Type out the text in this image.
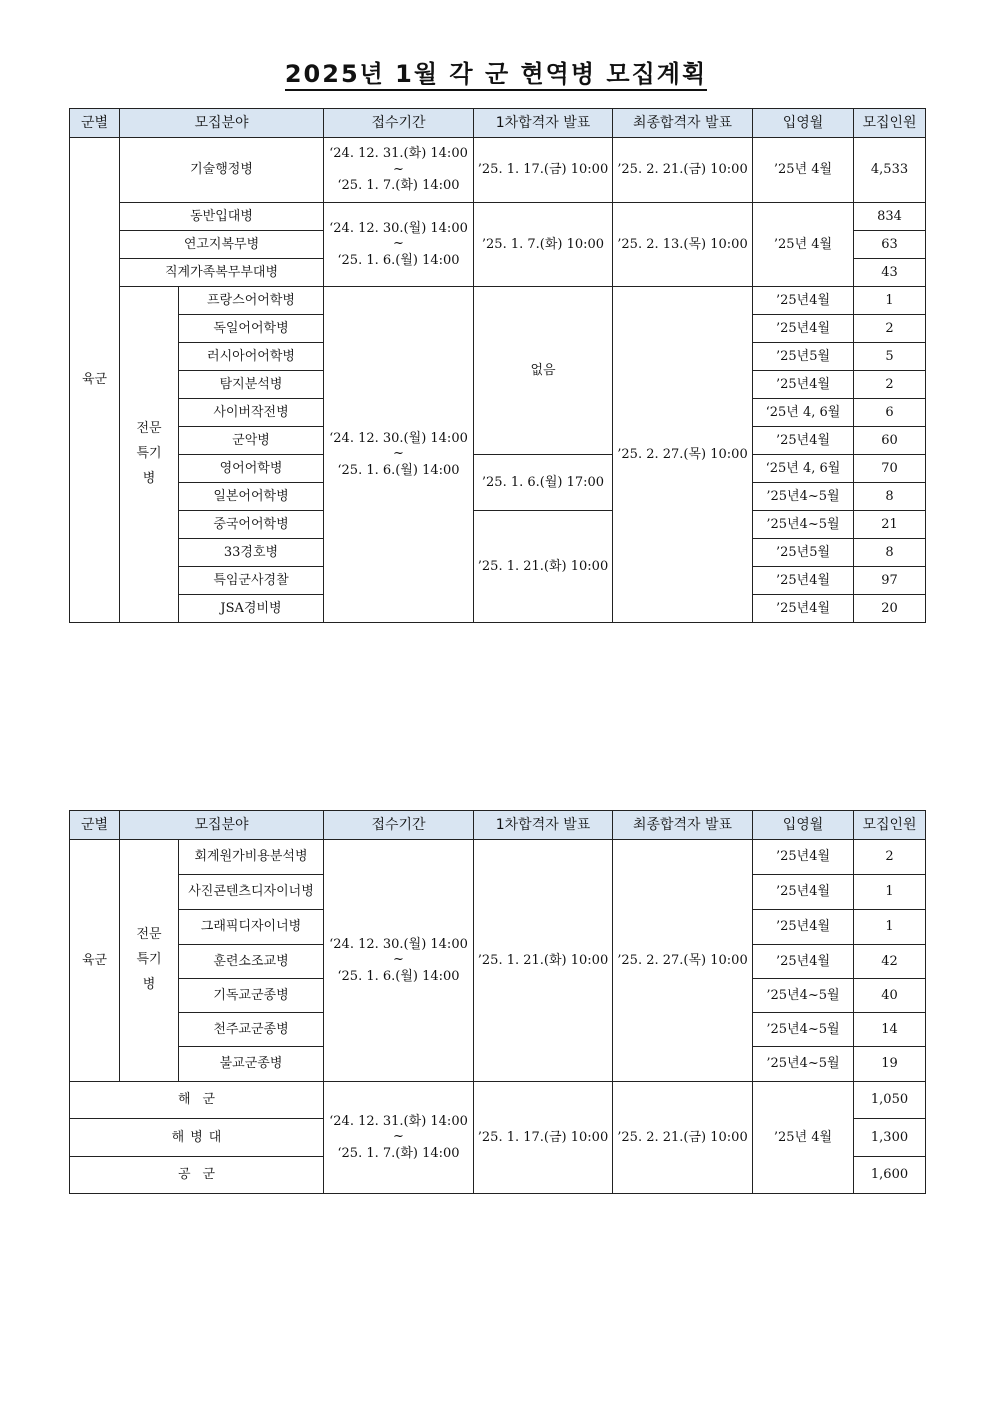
2025년 1월 각 군 현역병 모집계획
군별	모집분야		접수기간	1차합격자 발표	최종합격자 발표	입영월	모집인원
육군	기술행정병		‘24. 12. 31.(화) 14:00
~
‘25. 1. 7.(화) 14:00	’25. 1. 17.(금) 10:00	’25. 2. 21.(금) 10:00	’25년 4월	4,533
	동반입대병		‘24. 12. 30.(월) 14:00
~
‘25. 1. 6.(월) 14:00	’25. 1. 7.(화) 10:00	’25. 2. 13.(목) 10:00	’25년 4월	834
	연고지복무병						63
	직계가족복무부대병						43

	전문특기병	프랑스어어학병	‘24. 12. 30.(월) 14:00
~
‘25. 1. 6.(월) 14:00	없음	’25. 2. 27.(목) 10:00	’25년4월	1
		독일어어학병				’25년4월	2
		러시아어어학병				’25년5월	5
		탐지분석병				’25년4월	2
		사이버작전병				‘25년 4, 6월	6
		군악병				’25년4월	60
		영어어학병		’25. 1. 6.(월) 17:00		‘25년 4, 6월	70
		일본어어학병				’25년4~5월	8
		중국어어학병		’25. 1. 21.(화) 10:00		’25년4~5월	21
		33경호병				’25년5월	8
		특임군사경찰				’25년4월	97
		JSA경비병				’25년4월	20
군별	모집분야		접수기간	1차합격자 발표	최종합격자 발표	입영월	모집인원
육군	전문특기병	회계원가비용분석병	‘24. 12. 30.(월) 14:00
~
‘25. 1. 6.(월) 14:00	’25. 1. 21.(화) 10:00	’25. 2. 27.(목) 10:00	’25년4월	2
		사진콘텐츠디자이너병				’25년4월	1
		그래픽디자이너병				’25년4월	1
		훈련소조교병				’25년4월	42
		기독교군종병				’25년4~5월	40
		천주교군종병				’25년4~5월	14
		불교군종병				’25년4~5월	19
해군			‘24. 12. 31.(화) 14:00
~
‘25. 1. 7.(화) 14:00	’25. 1. 17.(금) 10:00	’25. 2. 21.(금) 10:00	’25년 4월	1,050
해병대							1,300
공군							1,600
